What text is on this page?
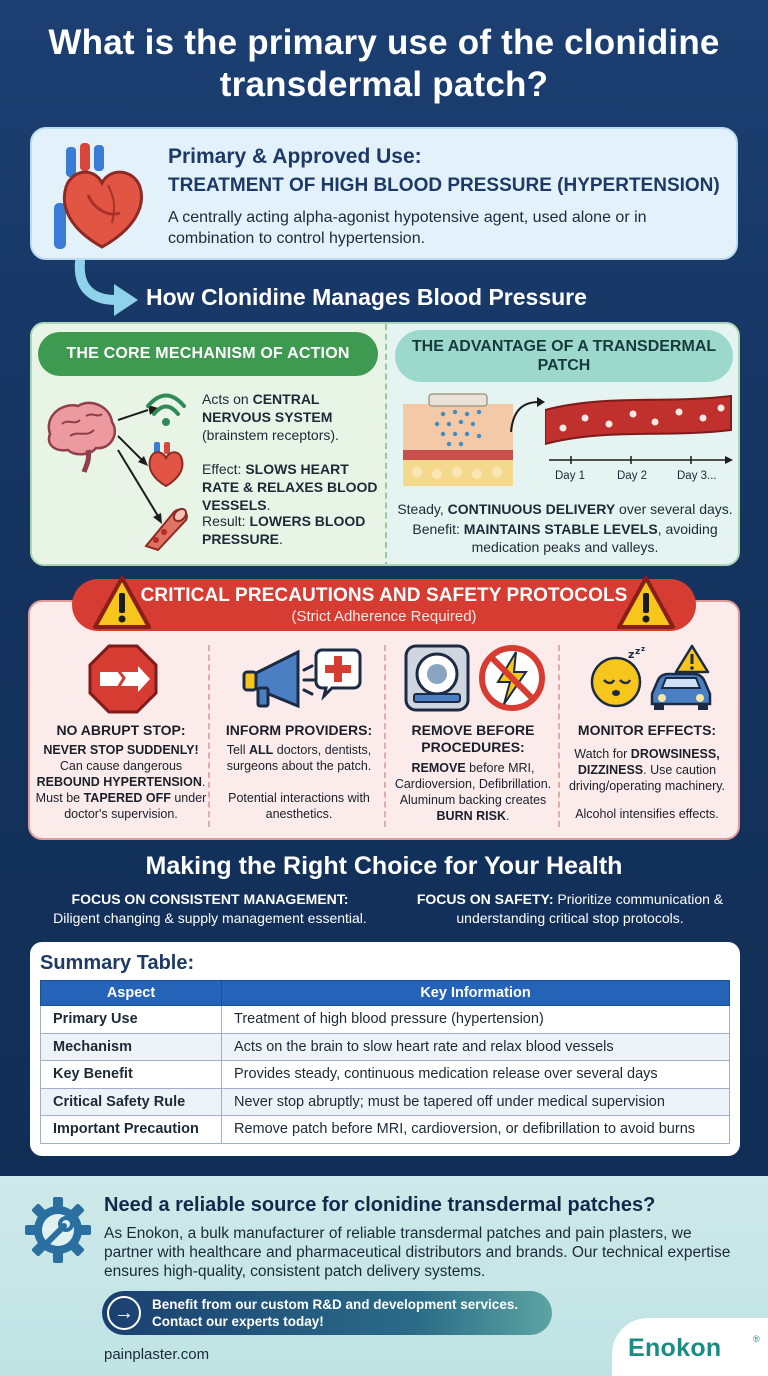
What is the primary use of the clonidine transdermal patch?
Primary & Approved Use:
TREATMENT OF HIGH BLOOD PRESSURE (HYPERTENSION)
A centrally acting alpha-agonist hypotensive agent, used alone or in combination to control hypertension.
How Clonidine Manages Blood Pressure
THE CORE MECHANISM OF ACTION
Acts on CENTRAL NERVOUS SYSTEM (brainstem receptors).
Effect: SLOWS HEART RATE & RELAXES BLOOD VESSELS.
Result: LOWERS BLOOD PRESSURE.
THE ADVANTAGE OF A TRANSDERMAL PATCH
Day 1	Day 2	Day 3...
Steady, CONTINUOUS DELIVERY over several days.
Benefit: MAINTAINS STABLE LEVELS, avoiding medication peaks and valleys.
CRITICAL PRECAUTIONS AND SAFETY PROTOCOLS
(Strict Adherence Required)
NO ABRUPT STOP:
NEVER STOP SUDDENLY! Can cause dangerous REBOUND HYPERTENSION. Must be TAPERED OFF under doctor's supervision.
INFORM PROVIDERS:
Tell ALL doctors, dentists, surgeons about the patch.
Potential interactions with anesthetics.
REMOVE BEFORE PROCEDURES:
REMOVE before MRI, Cardioversion, Defibrillation. Aluminum backing creates BURN RISK.
z z z
MONITOR EFFECTS:
Watch for DROWSINESS, DIZZINESS. Use caution driving/operating machinery.
Alcohol intensifies effects.
Making the Right Choice for Your Health
FOCUS ON CONSISTENT MANAGEMENT:
Diligent changing & supply management essential.
FOCUS ON SAFETY: Prioritize communication & understanding critical stop protocols.
Summary Table:
Aspect	Key Information
Primary Use	Treatment of high blood pressure (hypertension)
Mechanism	Acts on the brain to slow heart rate and relax blood vessels
Key Benefit	Provides steady, continuous medication release over several days
Critical Safety Rule	Never stop abruptly; must be tapered off under medical supervision
Important Precaution	Remove patch before MRI, cardioversion, or defibrillation to avoid burns
Need a reliable source for clonidine transdermal patches?
As Enokon, a bulk manufacturer of reliable transdermal patches and pain plasters, we partner with healthcare and pharmaceutical distributors and brands. Our technical expertise ensures high-quality, consistent patch delivery systems.
→	Benefit from our custom R&D and development services.
Contact our experts today!
painplaster.com	Enokon	®
